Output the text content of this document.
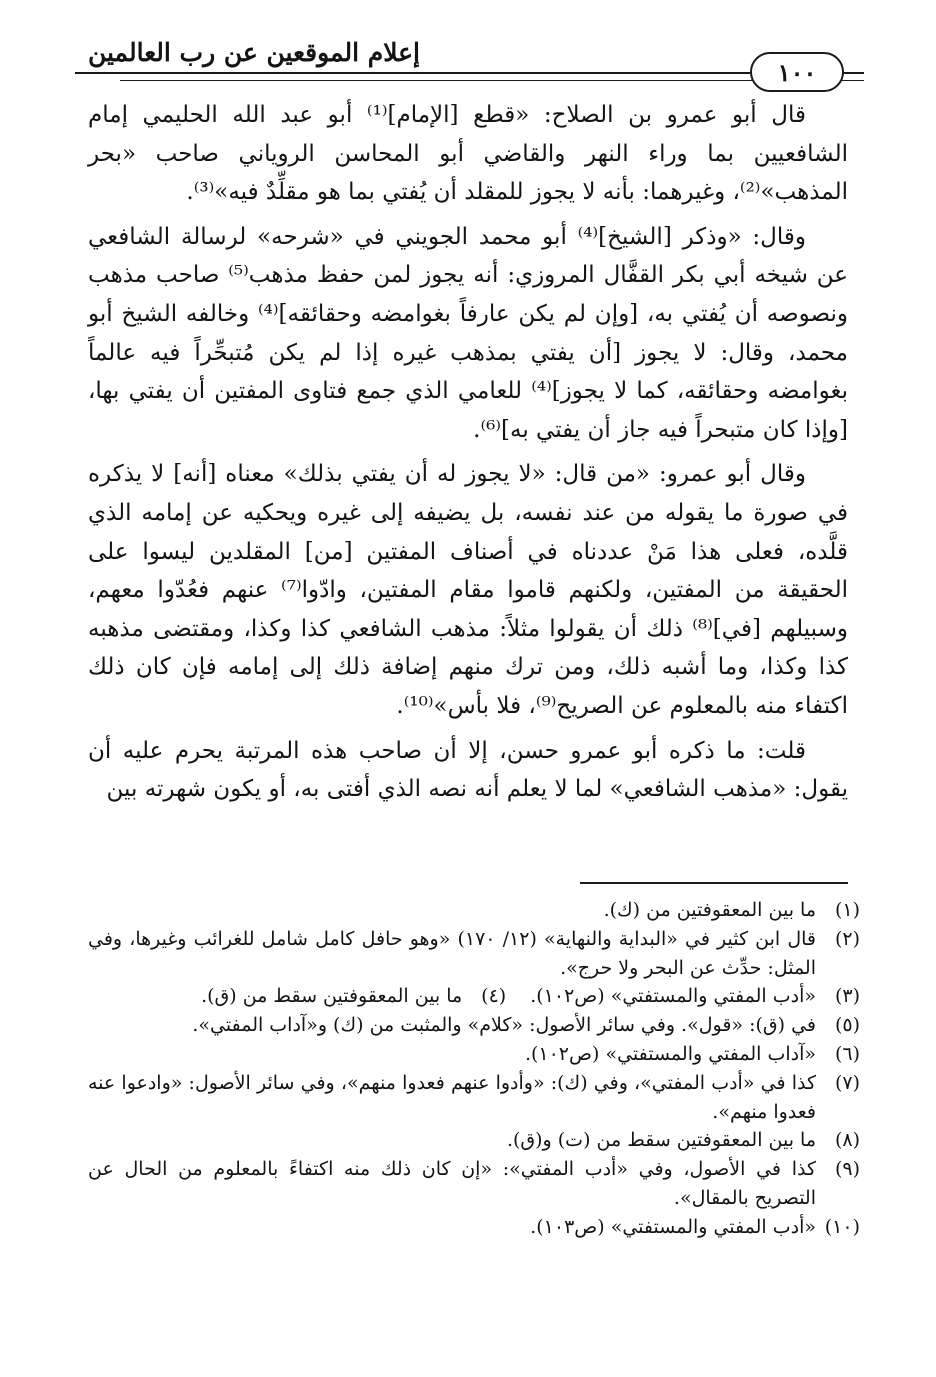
إعلام الموقعين عن رب العالمين
١٠٠

قال أبو عمرو بن الصلاح: «قطع [الإمام]⁽¹⁾ أبو عبد الله الحليمي إمام الشافعيين بما وراء النهر والقاضي أبو المحاسن الروياني صاحب «بحر المذهب»⁽²⁾، وغيرهما: بأنه لا يجوز للمقلد أن يُفتي بما هو مقلِّدٌ فيه»⁽³⁾.

وقال: «وذكر [الشيخ]⁽⁴⁾ أبو محمد الجويني في «شرحه» لرسالة الشافعي عن شيخه أبي بكر القفَّال المروزي: أنه يجوز لمن حفظ مذهب⁽⁵⁾ صاحب مذهب ونصوصه أن يُفتي به، [وإن لم يكن عارفاً بغوامضه وحقائقه]⁽⁴⁾ وخالفه الشيخ أبو محمد، وقال: لا يجوز [أن يفتي بمذهب غيره إذا لم يكن مُتبحِّراً فيه عالماً بغوامضه وحقائقه، كما لا يجوز]⁽⁴⁾ للعامي الذي جمع فتاوى المفتين أن يفتي بها، [وإذا كان متبحراً فيه جاز أن يفتي به]⁽⁶⁾.

وقال أبو عمرو: «من قال: «لا يجوز له أن يفتي بذلك» معناه [أنه] لا يذكره في صورة ما يقوله من عند نفسه، بل يضيفه إلى غيره ويحكيه عن إمامه الذي قلَّده، فعلى هذا مَنْ عددناه في أصناف المفتين [من] المقلدين ليسوا على الحقيقة من المفتين، ولكنهم قاموا مقام المفتين، وادّوا⁽⁷⁾ عنهم فعُدّوا معهم، وسبيلهم [في]⁽⁸⁾ ذلك أن يقولوا مثلاً: مذهب الشافعي كذا وكذا، ومقتضى مذهبه كذا وكذا، وما أشبه ذلك، ومن ترك منهم إضافة ذلك إلى إمامه فإن كان ذلك اكتفاء منه بالمعلوم عن الصريح⁽⁹⁾، فلا بأس»⁽¹⁰⁾.

قلت: ما ذكره أبو عمرو حسن، إلا أن صاحب هذه المرتبة يحرم عليه أن يقول: «مذهب الشافعي» لما لا يعلم أنه نصه الذي أفتى به، أو يكون شهرته بين

(١)
ما بين المعقوفتين من (ك).
(٢)
قال ابن كثير في «البداية والنهاية» (١٢/ ١٧٠) «وهو حافل كامل شامل للغرائب وغيرها، وفي المثل: حدِّث عن البحر ولا حرج».
(٣)
«أدب المفتي والمستفتي» (ص١٠٢).
(٤)
ما بين المعقوفتين سقط من (ق).
(٥)
في (ق): «قول». وفي سائر الأصول: «كلام» والمثبت من (ك) و«آداب المفتي».
(٦)
«آداب المفتي والمستفتي» (ص١٠٢).
(٧)
كذا في «أدب المفتي»، وفي (ك): «وأدوا عنهم فعدوا منهم»، وفي سائر الأصول: «وادعوا عنه فعدوا منهم».
(٨)
ما بين المعقوفتين سقط من (ت) و(ق).
(٩)
كذا في الأصول، وفي «أدب المفتي»: «إن كان ذلك منه اكتفاءً بالمعلوم من الحال عن التصريح بالمقال».
(١٠)
«أدب المفتي والمستفتي» (ص١٠٣).
